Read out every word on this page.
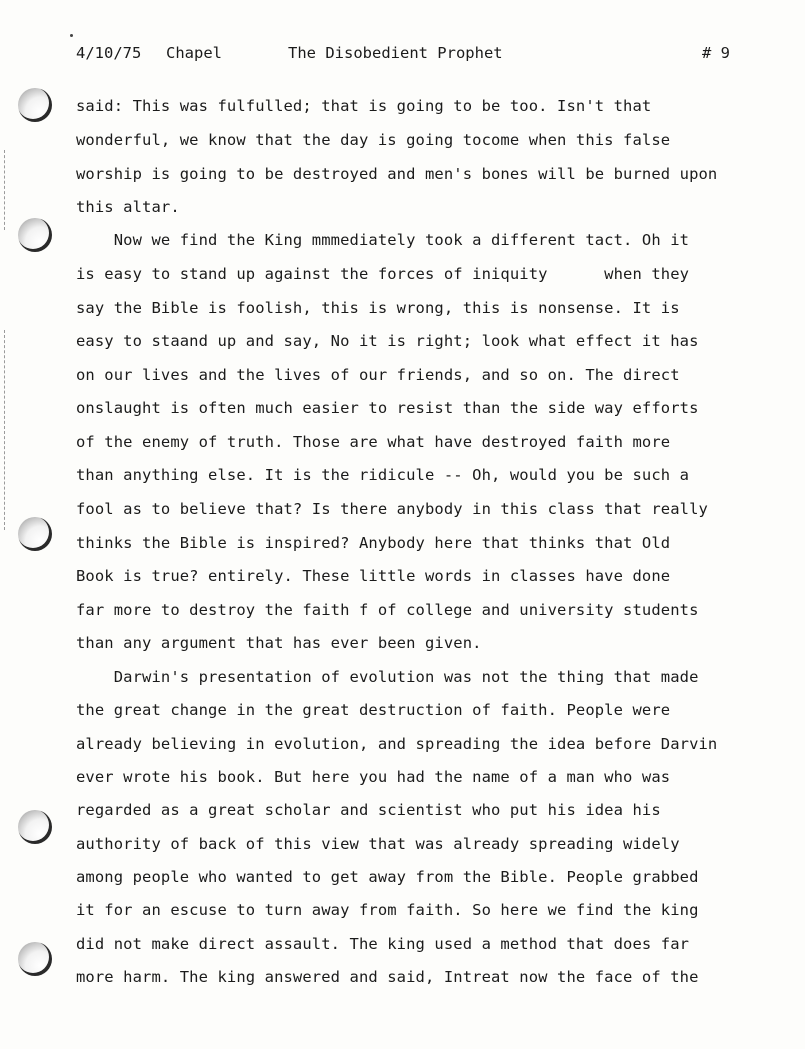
4/10/75 Chapel	The Disobedient Prophet	# 9
said: This was fulfulled; that is going to be too. Isn't that
wonderful, we know that the day is going tocome when this false
worship is going to be destroyed and men's bones will be burned upon
this altar.
Now we find the King mmmediately took a different tact. Oh it
is easy to stand up against the forces of iniquity      when they
say the Bible is foolish, this is wrong, this is nonsense. It is
easy to staand up and say, No it is right; look what effect it has
on our lives and the lives of our friends, and so on. The direct
onslaught is often much easier to resist than the side way efforts
of the enemy of truth. Those are what have destroyed faith more
than anything else. It is the ridicule -- Oh, would you be such a
fool as to believe that? Is there anybody in this class that really
thinks the Bible is inspired? Anybody here that thinks that Old
Book is true? entirely. These little words in classes have done
far more to destroy the faith f of college and university students
than any argument that has ever been given.
Darwin's presentation of evolution was not the thing that made
the great change in the great destruction of faith. People were
already believing in evolution, and spreading the idea before Darvin
ever wrote his book. But here you had the name of a man who was
regarded as a great scholar and scientist who put his idea his
authority of back of this view that was already spreading widely
among people who wanted to get away from the Bible. People grabbed
it for an escuse to turn away from faith. So here we find the king
did not make direct assault. The king used a method that does far
more harm. The king answered and said, Intreat now the face of the
